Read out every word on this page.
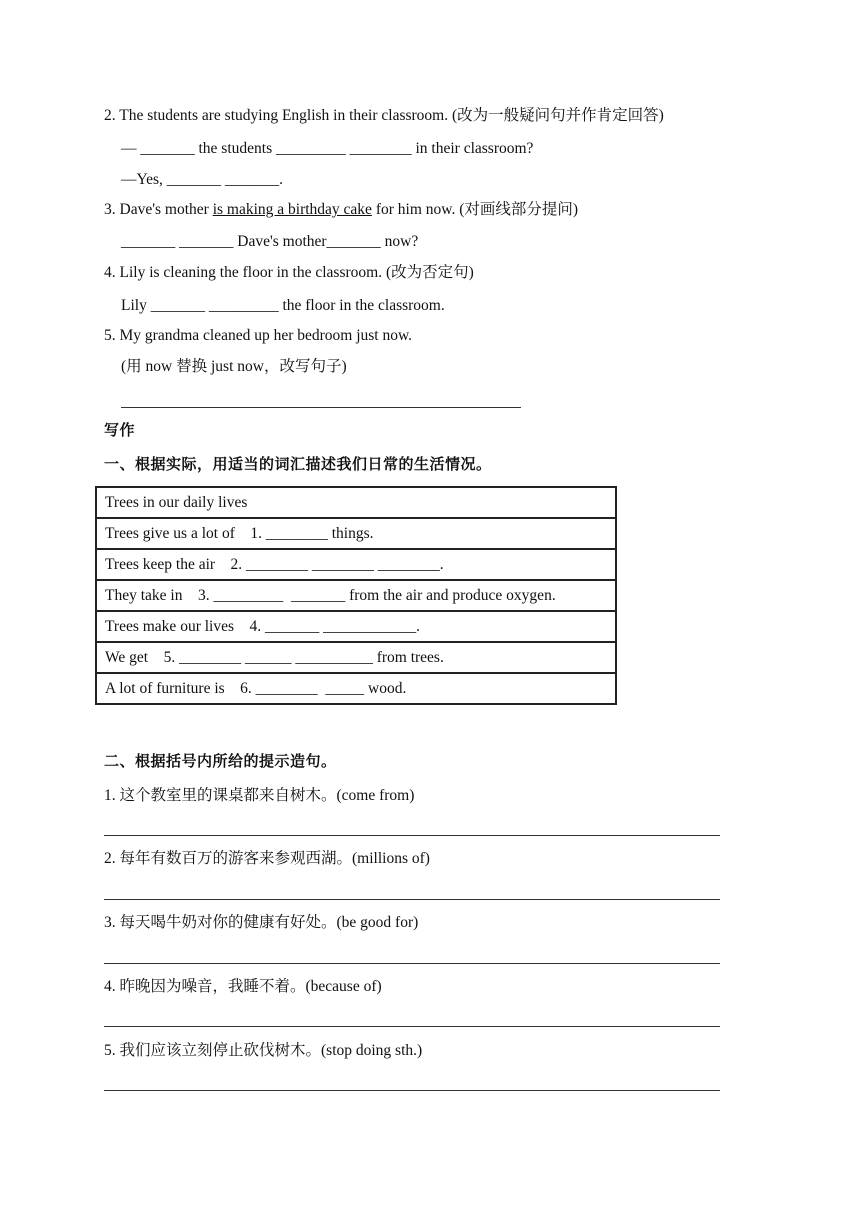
2. The students are studying English in their classroom. (改为一般疑问句并作肯定回答)
— _______ the students _________ ________ in their classroom?
—Yes, _______ _______.
3. Dave's mother is making a birthday cake for him now. (对画线部分提问)
_______ _______ Dave's mother_______ now?
4. Lily is cleaning the floor in the classroom. (改为否定句)
Lily _______ _________ the floor in the classroom.
5. My grandma cleaned up her bedroom just now.
(用 now 替换 just now，改写句子)
写作
一、根据实际，用适当的词汇描述我们日常的生活情况。
Trees in our daily lives
Trees give us a lot of    1. ________ things.
Trees keep the air    2. ________ ________ ________.
They take in    3. _________  _______ from the air and produce oxygen.
Trees make our lives    4. _______ ____________.
We get    5. ________ ______ __________ from trees.
A lot of furniture is    6. ________  _____ wood.
二、根据括号内所给的提示造句。
1. 这个教室里的课桌都来自树木。(come from)
2. 每年有数百万的游客来参观西湖。(millions of)
3. 每天喝牛奶对你的健康有好处。(be good for)
4. 昨晚因为噪音，我睡不着。(because of)
5. 我们应该立刻停止砍伐树木。(stop doing sth.)
